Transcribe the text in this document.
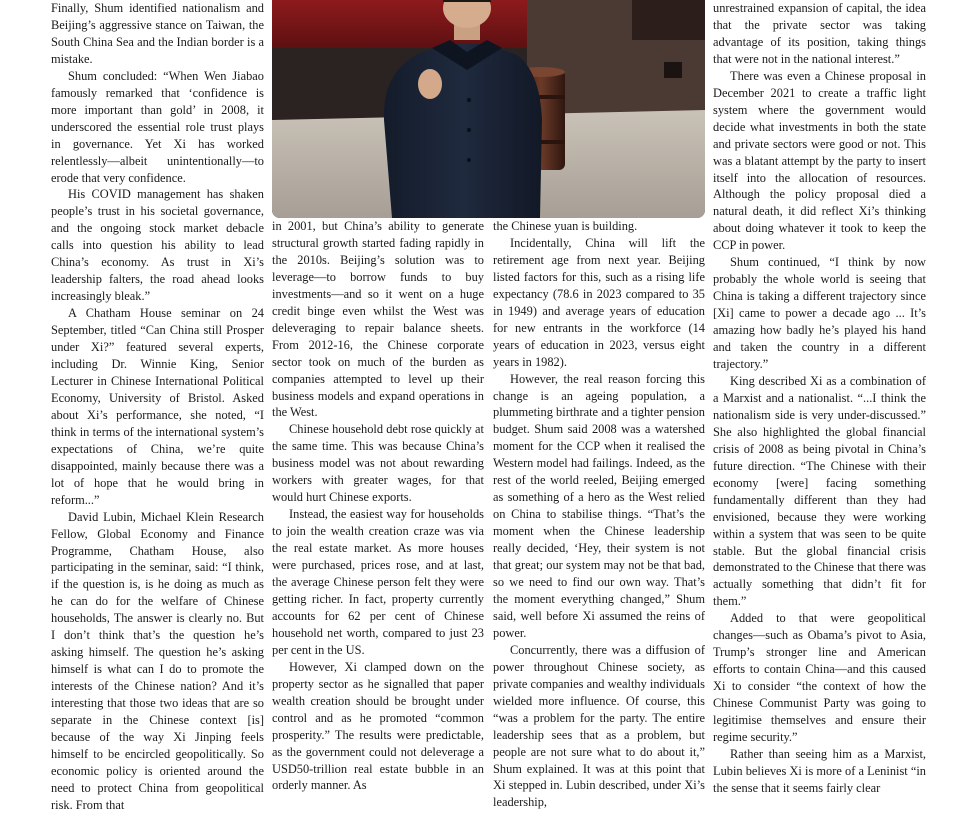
Finally, Shum identified nationalism and Beijing’s aggressive stance on Taiwan, the South China Sea and the Indian border is a mistake.

Shum concluded: “When Wen Jiabao famously remarked that ‘confidence is more important than gold’ in 2008, it underscored the essential role trust plays in governance. Yet Xi has worked relentlessly—albeit unintentionally—to erode that very confidence.

His COVID management has shaken people’s trust in his societal governance, and the ongoing stock market debacle calls into question his ability to lead China’s economy. As trust in Xi’s leadership falters, the road ahead looks increasingly bleak.”

A Chatham House seminar on 24 September, titled “Can China still Prosper under Xi?” featured several experts, including Dr. Winnie King, Senior Lecturer in Chinese International Political Economy, University of Bristol. Asked about Xi’s performance, she noted, “I think in terms of the international system’s expectations of China, we’re quite disappointed, mainly because there was a lot of hope that he would bring in reform...”

David Lubin, Michael Klein Research Fellow, Global Economy and Finance Programme, Chatham House, also participating in the seminar, said: “I think, if the question is, is he doing as much as he can do for the welfare of Chinese households, The answer is clearly no. But I don’t think that’s the question he’s asking himself. The question he’s asking himself is what can I do to promote the interests of the Chinese nation? And it’s interesting that those two ideas that are so separate in the Chinese context [is] because of the way Xi Jinping feels himself to be encircled geopolitically. So economic policy is oriented around the need to protect China from geopolitical risk. From that

in 2001, but China’s ability to generate structural growth started fading rapidly in the 2010s. Beijing’s solution was to leverage—to borrow funds to buy investments—and so it went on a huge credit binge even whilst the West was deleveraging to repair balance sheets. From 2012-16, the Chinese corporate sector took on much of the burden as companies attempted to level up their business models and expand operations in the West.

Chinese household debt rose quickly at the same time. This was because China’s business model was not about rewarding workers with greater wages, for that would hurt Chinese exports.

Instead, the easiest way for households to join the wealth creation craze was via the real estate market. As more houses were purchased, prices rose, and at last, the average Chinese person felt they were getting richer. In fact, property currently accounts for 62 per cent of Chinese household net worth, compared to just 23 per cent in the US.

However, Xi clamped down on the property sector as he signalled that paper wealth creation should be brought under control and as he promoted “common prosperity.” The results were predictable, as the government could not deleverage a USD50-trillion real estate bubble in an orderly manner. As

the Chinese yuan is building.

Incidentally, China will lift the retirement age from next year. Beijing listed factors for this, such as a rising life expectancy (78.6 in 2023 compared to 35 in 1949) and average years of education for new entrants in the workforce (14 years of education in 2023, versus eight years in 1982).

However, the real reason forcing this change is an ageing population, a plummeting birthrate and a tighter pension budget. Shum said 2008 was a watershed moment for the CCP when it realised the Western model had failings. Indeed, as the rest of the world reeled, Beijing emerged as something of a hero as the West relied on China to stabilise things. “That’s the moment when the Chinese leadership really decided, ‘Hey, their system is not that great; our system may not be that bad, so we need to find our own way. That’s the moment everything changed,” Shum said, well before Xi assumed the reins of power.

Concurrently, there was a diffusion of power throughout Chinese society, as private companies and wealthy individuals wielded more influence. Of course, this “was a problem for the party. The entire leadership sees that as a problem, but people are not sure what to do about it,” Shum explained. It was at this point that Xi stepped in. Lubin described, under Xi’s leadership,

unrestrained expansion of capital, the idea that the private sector was taking advantage of its position, taking things that were not in the national interest.”

There was even a Chinese proposal in December 2021 to create a traffic light system where the government would decide what investments in both the state and private sectors were good or not. This was a blatant attempt by the party to insert itself into the allocation of resources. Although the policy proposal died a natural death, it did reflect Xi’s thinking about doing whatever it took to keep the CCP in power.

Shum continued, “I think by now probably the whole world is seeing that China is taking a different trajectory since [Xi] came to power a decade ago ... It’s amazing how badly he’s played his hand and taken the country in a different trajectory.”

King described Xi as a combination of a Marxist and a nationalist. “...I think the nationalism side is very under-discussed.” She also highlighted the global financial crisis of 2008 as being pivotal in China’s future direction. “The Chinese with their economy [were] facing something fundamentally different than they had envisioned, because they were working within a system that was seen to be quite stable. But the global financial crisis demonstrated to the Chinese that there was actually something that didn’t fit for them.”

Added to that were geopolitical changes—such as Obama’s pivot to Asia, Trump’s stronger line and American efforts to contain China—and this caused Xi to consider “the context of how the Chinese Communist Party was going to legitimise themselves and ensure their regime security.”

Rather than seeing him as a Marxist, Lubin believes Xi is more of a Leninist “in the sense that it seems fairly clear
